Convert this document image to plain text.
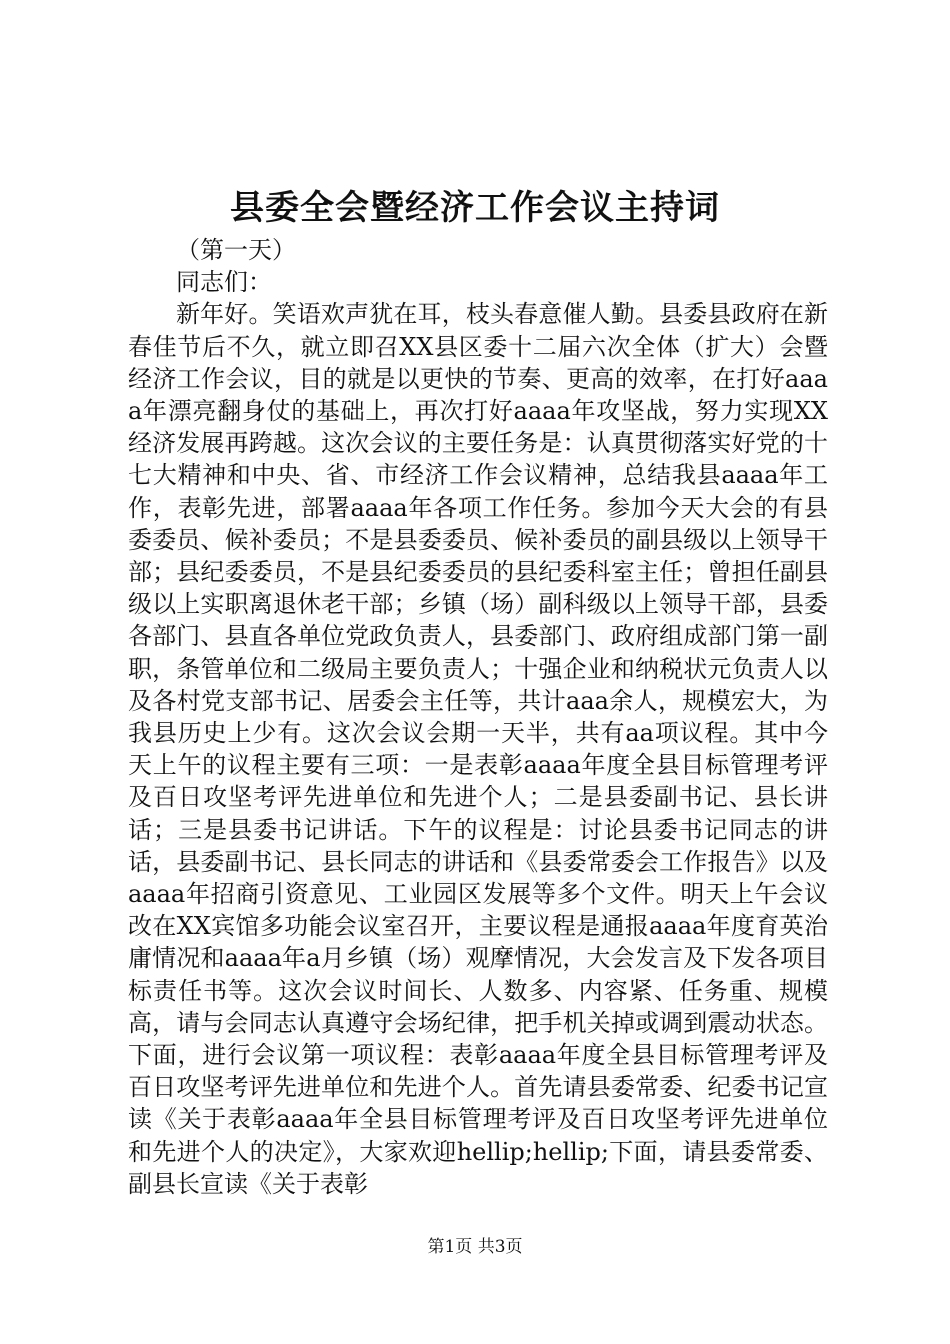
县委全会暨经济工作会议主持词

（第一天）

同志们：

新年好。笑语欢声犹在耳，枝头春意催人勤。县委县政府在新春佳节后不久，就立即召XX县区委十二届六次全体（扩大）会暨经济工作会议，目的就是以更快的节奏、更高的效率，在打好aaaa年漂亮翻身仗的基础上，再次打好aaaa年攻坚战，努力实现XX经济发展再跨越。这次会议的主要任务是：认真贯彻落实好党的十七大精神和中央、省、市经济工作会议精神，总结我县aaaa年工作，表彰先进，部署aaaa年各项工作任务。参加今天大会的有县委委员、候补委员；不是县委委员、候补委员的副县级以上领导干部；县纪委委员，不是县纪委委员的县纪委科室主任；曾担任副县级以上实职离退休老干部；乡镇（场）副科级以上领导干部，县委各部门、县直各单位党政负责人，县委部门、政府组成部门第一副职，条管单位和二级局主要负责人；十强企业和纳税状元负责人以及各村党支部书记、居委会主任等，共计aaa余人，规模宏大，为我县历史上少有。这次会议会期一天半，共有aa项议程。其中今天上午的议程主要有三项：一是表彰aaaa年度全县目标管理考评及百日攻坚考评先进单位和先进个人；二是县委副书记、县长讲话；三是县委书记讲话。下午的议程是：讨论县委书记同志的讲话，县委副书记、县长同志的讲话和《县委常委会工作报告》以及aaaa年招商引资意见、工业园区发展等多个文件。明天上午会议改在XX宾馆多功能会议室召开，主要议程是通报aaaa年度育英治庸情况和aaaa年a月乡镇（场）观摩情况，大会发言及下发各项目标责任书等。这次会议时间长、人数多、内容紧、任务重、规模高，请与会同志认真遵守会场纪律，把手机关掉或调到震动状态。下面，进行会议第一项议程：表彰aaaa年度全县目标管理考评及百日攻坚考评先进单位和先进个人。首先请县委常委、纪委书记宣读《关于表彰aaaa年全县目标管理考评及百日攻坚考评先进单位和先进个人的决定》，大家欢迎hellip;hellip;下面，请县委常委、副县长宣读《关于表彰

第1页 共3页
